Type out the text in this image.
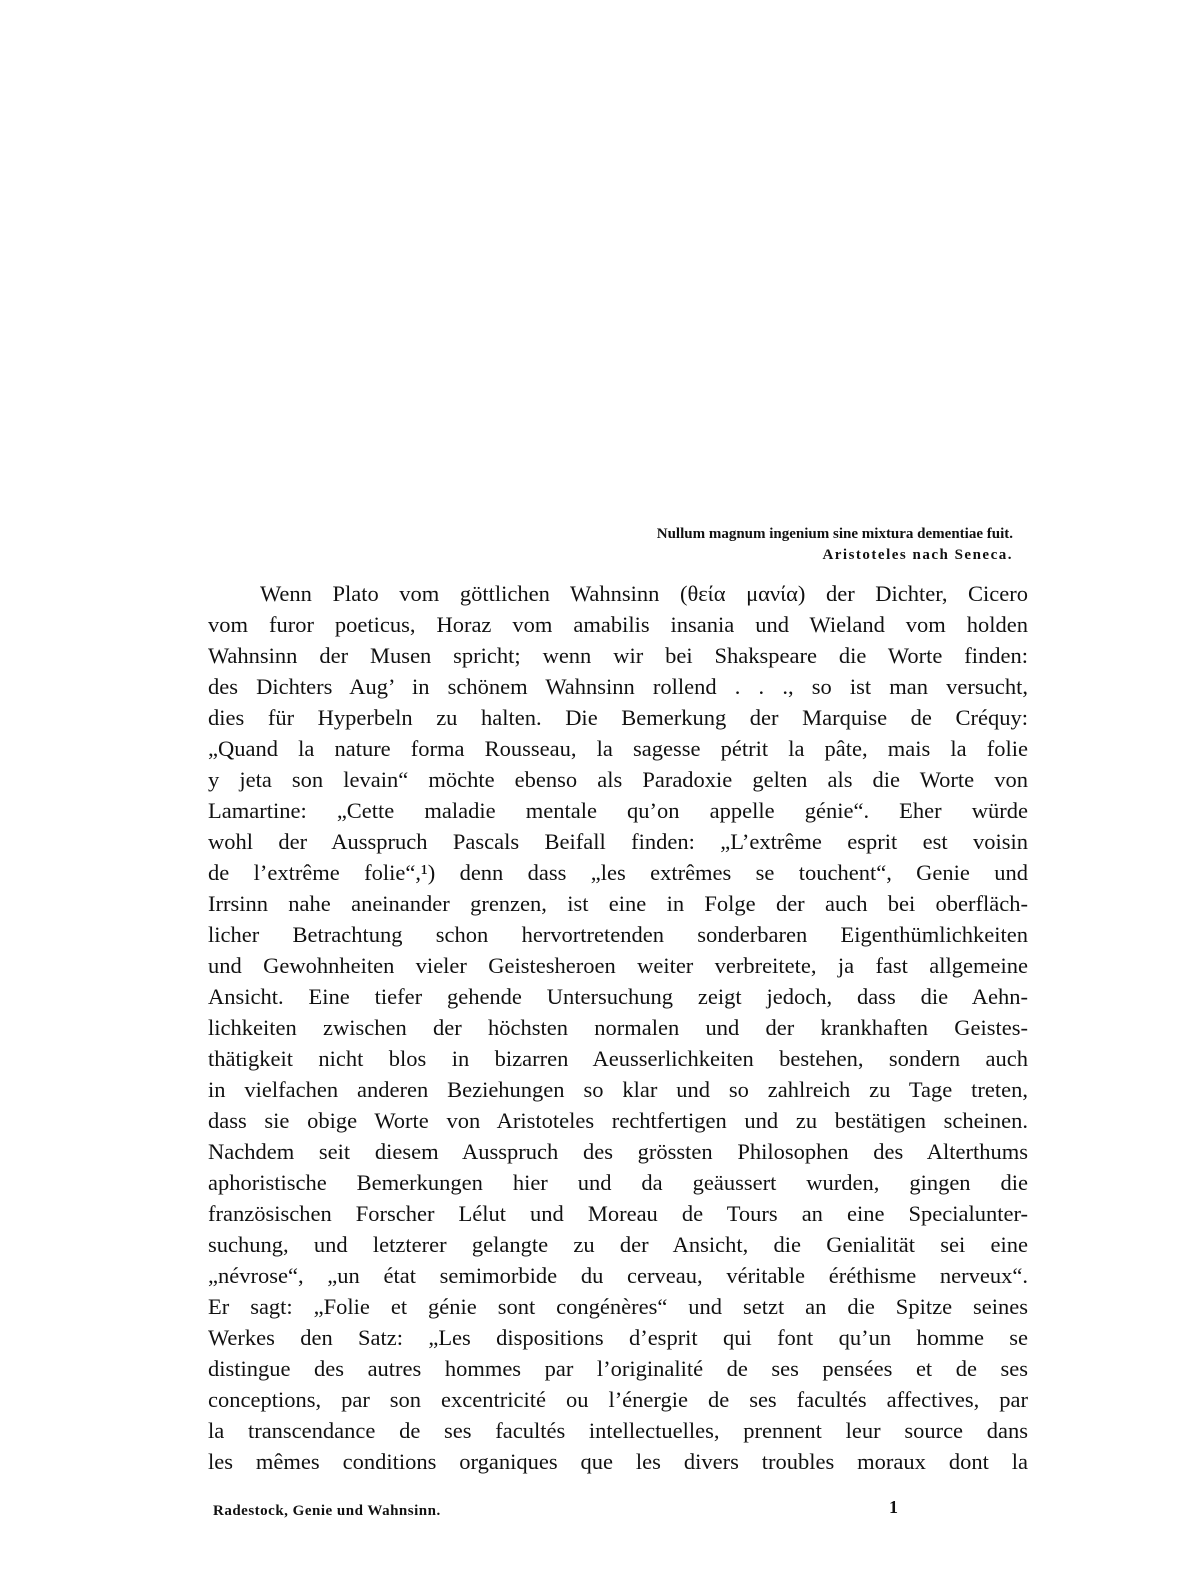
Nullum magnum ingenium sine mixtura dementiae fuit.
Aristoteles nach Seneca.
Wenn Plato vom göttlichen Wahnsinn (θεία μανία) der Dichter, Cicero
vom furor poeticus, Horaz vom amabilis insania und Wieland vom holden
Wahnsinn der Musen spricht; wenn wir bei Shakspeare die Worte finden:
des Dichters Aug’ in schönem Wahnsinn rollend . . ., so ist man versucht,
dies für Hyperbeln zu halten. Die Bemerkung der Marquise de Créquy:
„Quand la nature forma Rousseau, la sagesse pétrit la pâte, mais la folie
y jeta son levain“ möchte ebenso als Paradoxie gelten als die Worte von
Lamartine: „Cette maladie mentale qu’on appelle génie“. Eher würde
wohl der Ausspruch Pascals Beifall finden: „L’extrême esprit est voisin
de l’extrême folie“,¹) denn dass „les extrêmes se touchent“, Genie und
Irrsinn nahe aneinander grenzen, ist eine in Folge der auch bei oberfläch-
licher Betrachtung schon hervortretenden sonderbaren Eigenthümlichkeiten
und Gewohnheiten vieler Geistesheroen weiter verbreitete, ja fast allgemeine
Ansicht. Eine tiefer gehende Untersuchung zeigt jedoch, dass die Aehn-
lichkeiten zwischen der höchsten normalen und der krankhaften Geistes-
thätigkeit nicht blos in bizarren Aeusserlichkeiten bestehen, sondern auch
in vielfachen anderen Beziehungen so klar und so zahlreich zu Tage treten,
dass sie obige Worte von Aristoteles rechtfertigen und zu bestätigen scheinen.
Nachdem seit diesem Ausspruch des grössten Philosophen des Alterthums
aphoristische Bemerkungen hier und da geäussert wurden, gingen die
französischen Forscher Lélut und Moreau de Tours an eine Specialunter-
suchung, und letzterer gelangte zu der Ansicht, die Genialität sei eine
„névrose“, „un état semimorbide du cerveau, véritable éréthisme nerveux“.
Er sagt: „Folie et génie sont congénères“ und setzt an die Spitze seines
Werkes den Satz: „Les dispositions d’esprit qui font qu’un homme se
distingue des autres hommes par l’originalité de ses pensées et de ses
conceptions, par son excentricité ou l’énergie de ses facultés affectives, par
la transcendance de ses facultés intellectuelles, prennent leur source dans
les mêmes conditions organiques que les divers troubles moraux dont la
Radestock, Genie und Wahnsinn.	1
